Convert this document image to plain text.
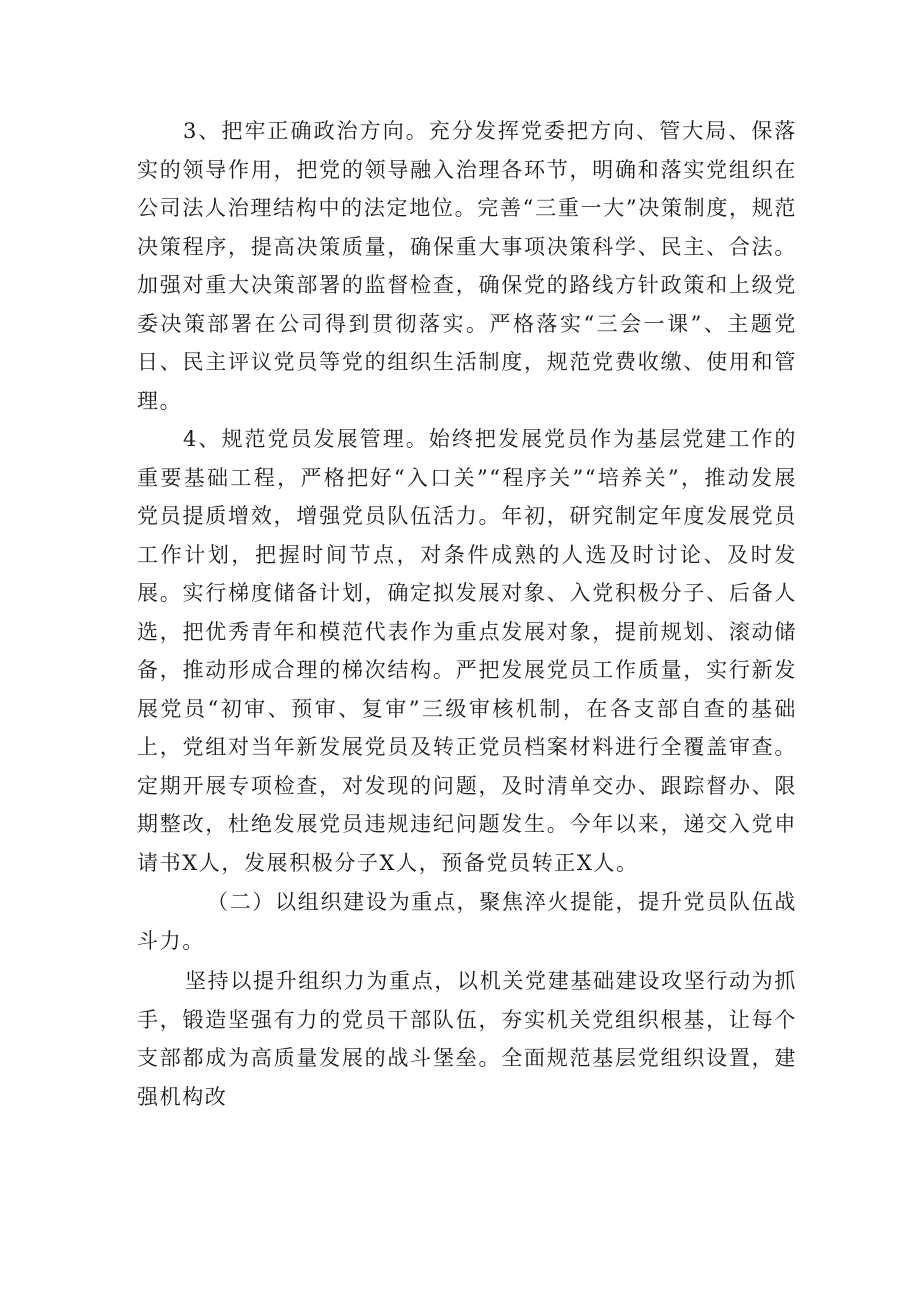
3、把牢正确政治方向。充分发挥党委把方向、管大局、保落实的领导作用，把党的领导融入治理各环节，明确和落实党组织在公司法人治理结构中的法定地位。完善“三重一大”决策制度，规范决策程序，提高决策质量，确保重大事项决策科学、民主、合法。加强对重大决策部署的监督检查，确保党的路线方针政策和上级党委决策部署在公司得到贯彻落实。严格落实“三会一课”、主题党日、民主评议党员等党的组织生活制度，规范党费收缴、使用和管理。

4、规范党员发展管理。始终把发展党员作为基层党建工作的重要基础工程，严格把好“入口关”“程序关”“培养关”，推动发展党员提质增效，增强党员队伍活力。年初，研究制定年度发展党员工作计划，把握时间节点，对条件成熟的人选及时讨论、及时发展。实行梯度储备计划，确定拟发展对象、入党积极分子、后备人选，把优秀青年和模范代表作为重点发展对象，提前规划、滚动储备，推动形成合理的梯次结构。严把发展党员工作质量，实行新发展党员“初审、预审、复审”三级审核机制，在各支部自查的基础上，党组对当年新发展党员及转正党员档案材料进行全覆盖审查。定期开展专项检查，对发现的问题，及时清单交办、跟踪督办、限期整改，杜绝发展党员违规违纪问题发生。今年以来，递交入党申请书X人，发展积极分子X人，预备党员转正X人。

（二）以组织建设为重点，聚焦淬火提能，提升党员队伍战斗力。

坚持以提升组织力为重点，以机关党建基础建设攻坚行动为抓手，锻造坚强有力的党员干部队伍，夯实机关党组织根基，让每个支部都成为高质量发展的战斗堡垒。全面规范基层党组织设置，建强机构改
